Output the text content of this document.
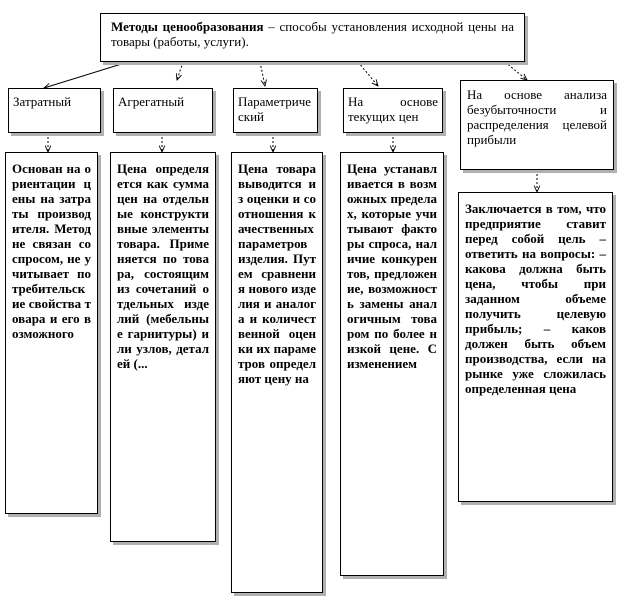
Методы ценообразования – способы установления исходной цены на товары (работы, услуги).
Затратный	Агрегатный	Параметрический
На основе текущих цен
На основе анализа безубыточности и распределения целевой прибыли
Основан на ориентации цены на затраты производителя. Метод не связан со спросом, не учитывает потребительские свойства товара и его возможного
Цена определяется как сумма цен на отдельные конструктивные элементы товара. Применяется по товара, состоящим из сочетаний отдельных изделий (мебельные гарнитуры) или узлов, деталей (...
Цена товара выводится из оценки и соотношения качественных параметров изделия. Путем сравнения нового изделия и аналога и количественной оценки их параметров определяют цену на
Цена устанавливается в возможных пределах, которые учитывают факторы спроса, наличие конкурентов, предложение, возможность замены аналогичным товаром по более низкой цене. С изменением
Заключается в том, что предприятие ставит перед собой цель – ответить на вопросы: – какова должна быть цена, чтобы при заданном объеме получить целевую прибыль; – каков должен быть объем производства, если на рынке уже сложилась определенная цена
